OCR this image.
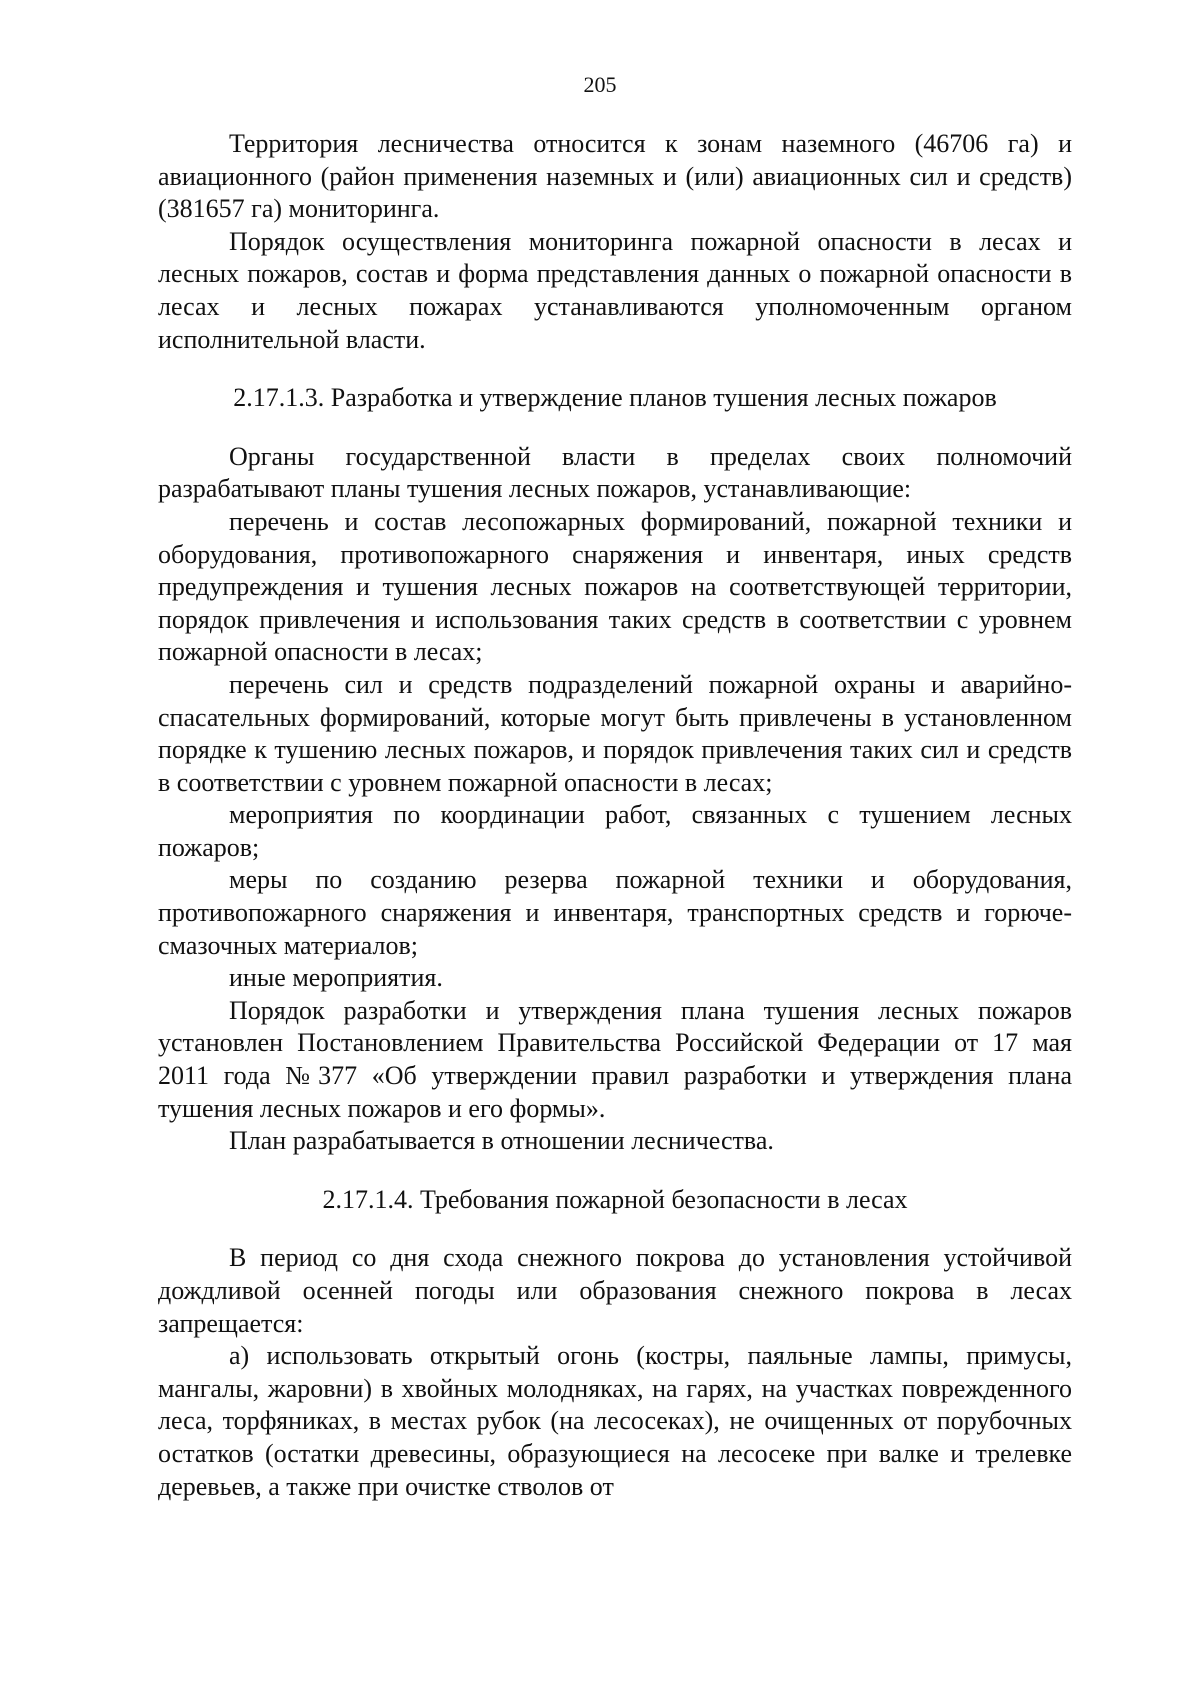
205

Территория лесничества относится к зонам наземного (46706 га) и авиационного (район применения наземных и (или) авиационных сил и средств) (381657 га) мониторинга.

Порядок осуществления мониторинга пожарной опасности в лесах и лесных пожаров, состав и форма представления данных о пожарной опасности в лесах и лесных пожарах устанавливаются уполномоченным органом исполнительной власти.

2.17.1.3. Разработка и утверждение планов тушения лесных пожаров

Органы государственной власти в пределах своих полномочий разрабатывают планы тушения лесных пожаров, устанавливающие:

перечень и состав лесопожарных формирований, пожарной техники и оборудования, противопожарного снаряжения и инвентаря, иных средств предупреждения и тушения лесных пожаров на соответствующей территории, порядок привлечения и использования таких средств в соответствии с уровнем пожарной опасности в лесах;

перечень сил и средств подразделений пожарной охраны и аварийно-спасательных формирований, которые могут быть привлечены в установленном порядке к тушению лесных пожаров, и порядок привлечения таких сил и средств в соответствии с уровнем пожарной опасности в лесах;

мероприятия по координации работ, связанных с тушением лесных пожаров;

меры по созданию резерва пожарной техники и оборудования, противопожарного снаряжения и инвентаря, транспортных средств и горюче-смазочных материалов;

иные мероприятия.

Порядок разработки и утверждения плана тушения лесных пожаров установлен Постановлением Правительства Российской Федерации от 17 мая 2011 года №377 «Об утверждении правил разработки и утверждения плана тушения лесных пожаров и его формы».

План разрабатывается в отношении лесничества.

2.17.1.4. Требования пожарной безопасности в лесах

В период со дня схода снежного покрова до установления устойчивой дождливой осенней погоды или образования снежного покрова в лесах запрещается:

а) использовать открытый огонь (костры, паяльные лампы, примусы, мангалы, жаровни) в хвойных молодняках, на гарях, на участках поврежденного леса, торфяниках, в местах рубок (на лесосеках), не очищенных от порубочных остатков (остатки древесины, образующиеся на лесосеке при валке и трелевке деревьев, а также при очистке стволов от
